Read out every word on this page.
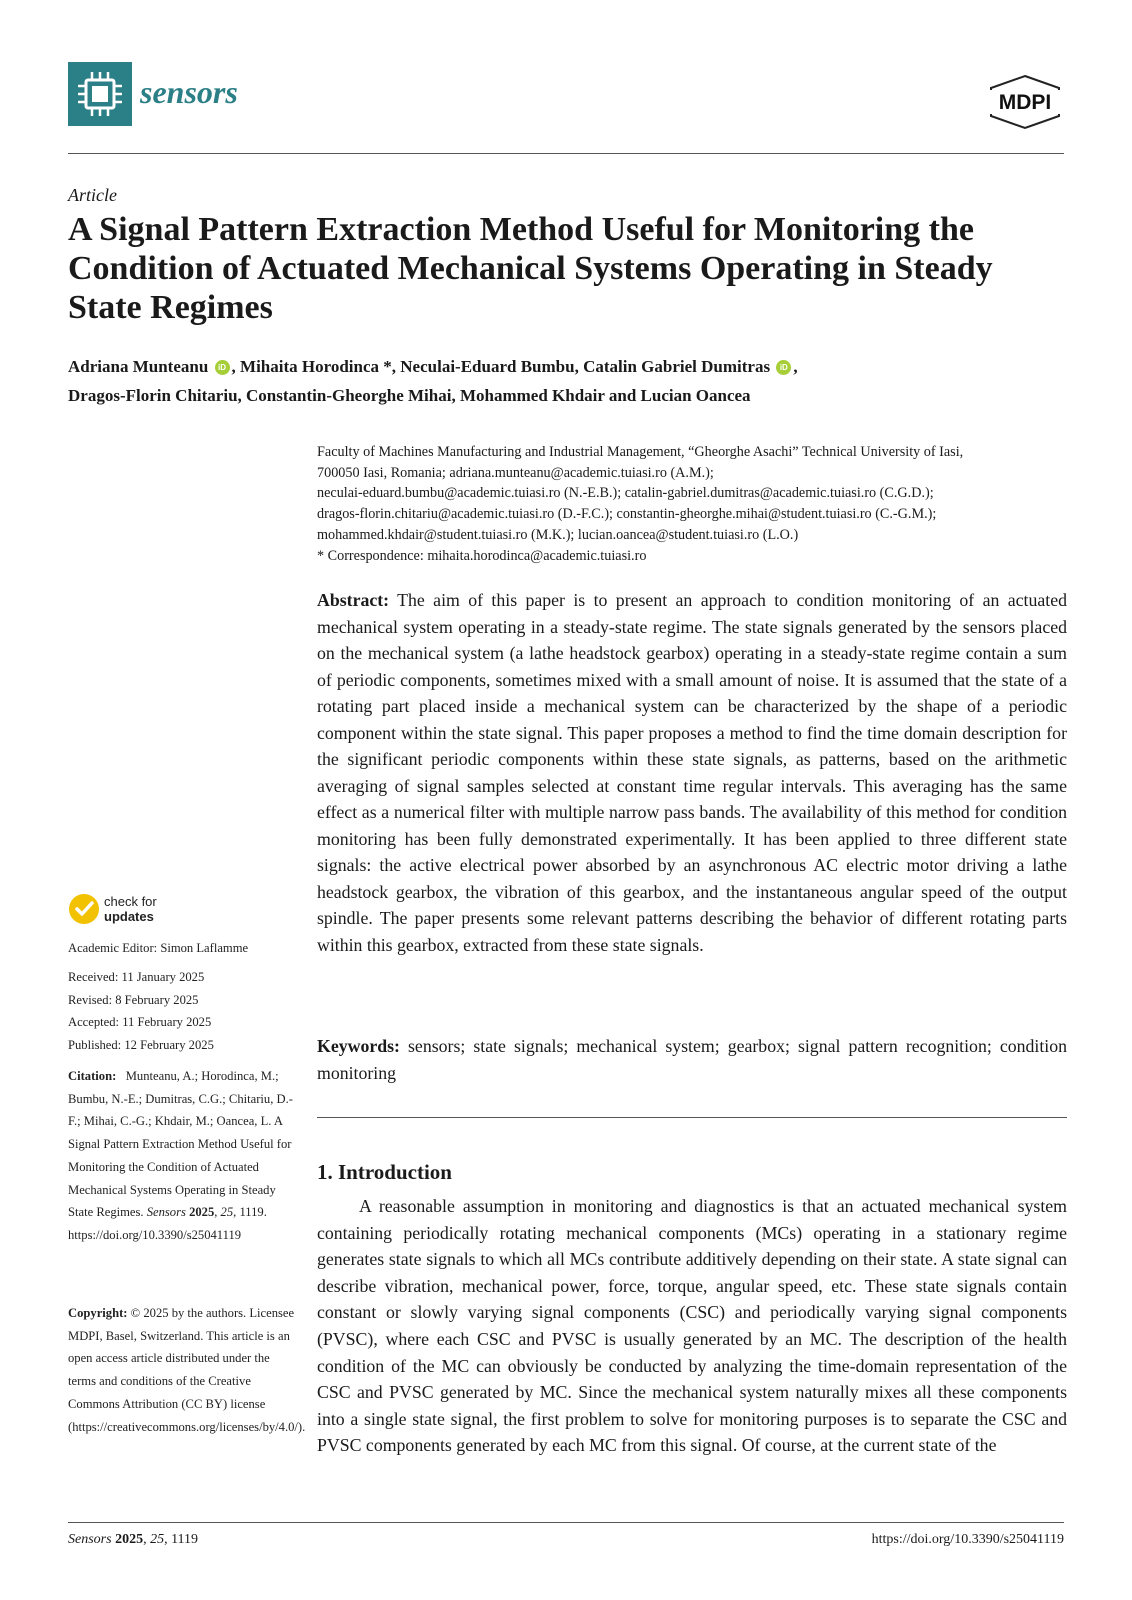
sensors	MDPI
Article
A Signal Pattern Extraction Method Useful for Monitoring the Condition of Actuated Mechanical Systems Operating in Steady State Regimes
Adriana Munteanu iD , Mihaita Horodinca *, Neculai-Eduard Bumbu, Catalin Gabriel Dumitras iD ,
Dragos-Florin Chitariu, Constantin-Gheorghe Mihai, Mohammed Khdair and Lucian Oancea

Faculty of Machines Manufacturing and Industrial Management, “Gheorghe Asachi” Technical University of Iasi,

700050 Iasi, Romania; adriana.munteanu@academic.tuiasi.ro (A.M.);

neculai-eduard.bumbu@academic.tuiasi.ro (N.-E.B.); catalin-gabriel.dumitras@academic.tuiasi.ro (C.G.D.);

dragos-florin.chitariu@academic.tuiasi.ro (D.-F.C.); constantin-gheorghe.mihai@student.tuiasi.ro (C.-G.M.);

mohammed.khdair@student.tuiasi.ro (M.K.); lucian.oancea@student.tuiasi.ro (L.O.)

* Correspondence: mihaita.horodinca@academic.tuiasi.ro

Abstract: The aim of this paper is to present an approach to condition monitoring of an actuated mechanical system operating in a steady-state regime. The state signals generated by the sensors placed on the mechanical system (a lathe headstock gearbox) operating in a steady-state regime contain a sum of periodic components, sometimes mixed with a small amount of noise. It is assumed that the state of a rotating part placed inside a mechanical system can be characterized by the shape of a periodic component within the state signal. This paper proposes a method to find the time domain description for the significant periodic components within these state signals, as patterns, based on the arithmetic averaging of signal samples selected at constant time regular intervals. This averaging has the same effect as a numerical filter with multiple narrow pass bands. The availability of this method for condition monitoring has been fully demonstrated experimentally. It has been applied to three different state signals: the active electrical power absorbed by an asynchronous AC electric motor driving a lathe headstock gearbox, the vibration of this gearbox, and the instantaneous angular speed of the output spindle. The paper presents some relevant patterns describing the behavior of different rotating parts within this gearbox, extracted from these state signals.

Keywords: sensors; state signals; mechanical system; gearbox; signal pattern recognition; condition monitoring

1. Introduction

A reasonable assumption in monitoring and diagnostics is that an actuated mechanical system containing periodically rotating mechanical components (MCs) operating in a stationary regime generates state signals to which all MCs contribute additively depending on their state. A state signal can describe vibration, mechanical power, force, torque, angular speed, etc. These state signals contain constant or slowly varying signal components (CSC) and periodically varying signal components (PVSC), where each CSC and PVSC is usually generated by an MC. The description of the health condition of the MC can obviously be conducted by analyzing the time-domain representation of the CSC and PVSC generated by MC. Since the mechanical system naturally mixes all these components into a single state signal, the first problem to solve for monitoring purposes is to separate the CSC and PVSC components generated by each MC from this signal. Of course, at the current state of the

check for
updates
Academic Editor: Simon Laflamme

Received: 11 January 2025

Revised: 8 February 2025

Accepted: 11 February 2025

Published: 12 February 2025

Citation: Munteanu, A.; Horodinca, M.; Bumbu, N.-E.; Dumitras, C.G.; Chitariu, D.-F.; Mihai, C.-G.; Khdair, M.; Oancea, L. A Signal Pattern Extraction Method Useful for Monitoring the Condition of Actuated Mechanical Systems Operating in Steady State Regimes. Sensors 2025, 25, 1119. https://doi.org/10.3390/s25041119

Copyright: © 2025 by the authors. Licensee MDPI, Basel, Switzerland. This article is an open access article distributed under the terms and conditions of the Creative Commons Attribution (CC BY) license (https://creativecommons.org/licenses/by/4.0/).

Sensors 2025, 25, 1119	https://doi.org/10.3390/s25041119
